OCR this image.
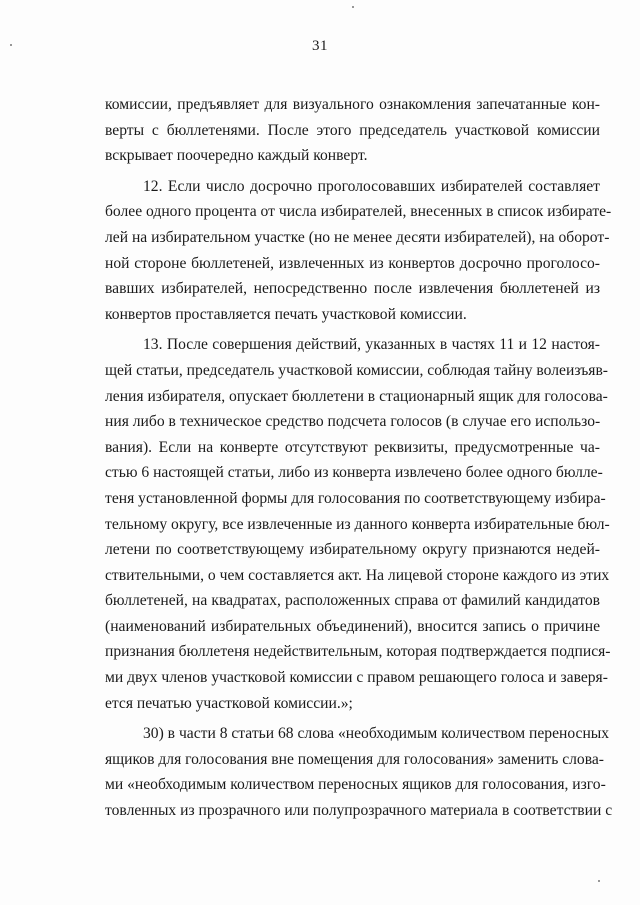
31

комиссии, предъявляет для визуального ознакомления запечатанные кон-
верты с бюллетенями. После этого председатель участковой комиссии
вскрывает поочередно каждый конверт.

12. Если число досрочно проголосовавших избирателей составляет
более одного процента от числа избирателей, внесенных в список избирате-
лей на избирательном участке (но не менее десяти избирателей), на оборот-
ной стороне бюллетеней, извлеченных из конвертов досрочно проголосо-
вавших избирателей, непосредственно после извлечения бюллетеней из
конвертов проставляется печать участковой комиссии.

13. После совершения действий, указанных в частях 11 и 12 настоя-
щей статьи, председатель участковой комиссии, соблюдая тайну волеизъяв-
ления избирателя, опускает бюллетени в стационарный ящик для голосова-
ния либо в техническое средство подсчета голосов (в случае его использо-
вания). Если на конверте отсутствуют реквизиты, предусмотренные ча-
стью 6 настоящей статьи, либо из конверта извлечено более одного бюлле-
теня установленной формы для голосования по соответствующему избира-
тельному округу, все извлеченные из данного конверта избирательные бюл-
летени по соответствующему избирательному округу признаются недей-
ствительными, о чем составляется акт. На лицевой стороне каждого из этих
бюллетеней, на квадратах, расположенных справа от фамилий кандидатов
(наименований избирательных объединений), вносится запись о причине
признания бюллетеня недействительным, которая подтверждается подпися-
ми двух членов участковой комиссии с правом решающего голоса и заверя-
ется печатью участковой комиссии.»;

30) в части 8 статьи 68 слова «необходимым количеством переносных
ящиков для голосования вне помещения для голосования» заменить слова-
ми «необходимым количеством переносных ящиков для голосования, изго-
товленных из прозрачного или полупрозрачного материала в соответствии с
